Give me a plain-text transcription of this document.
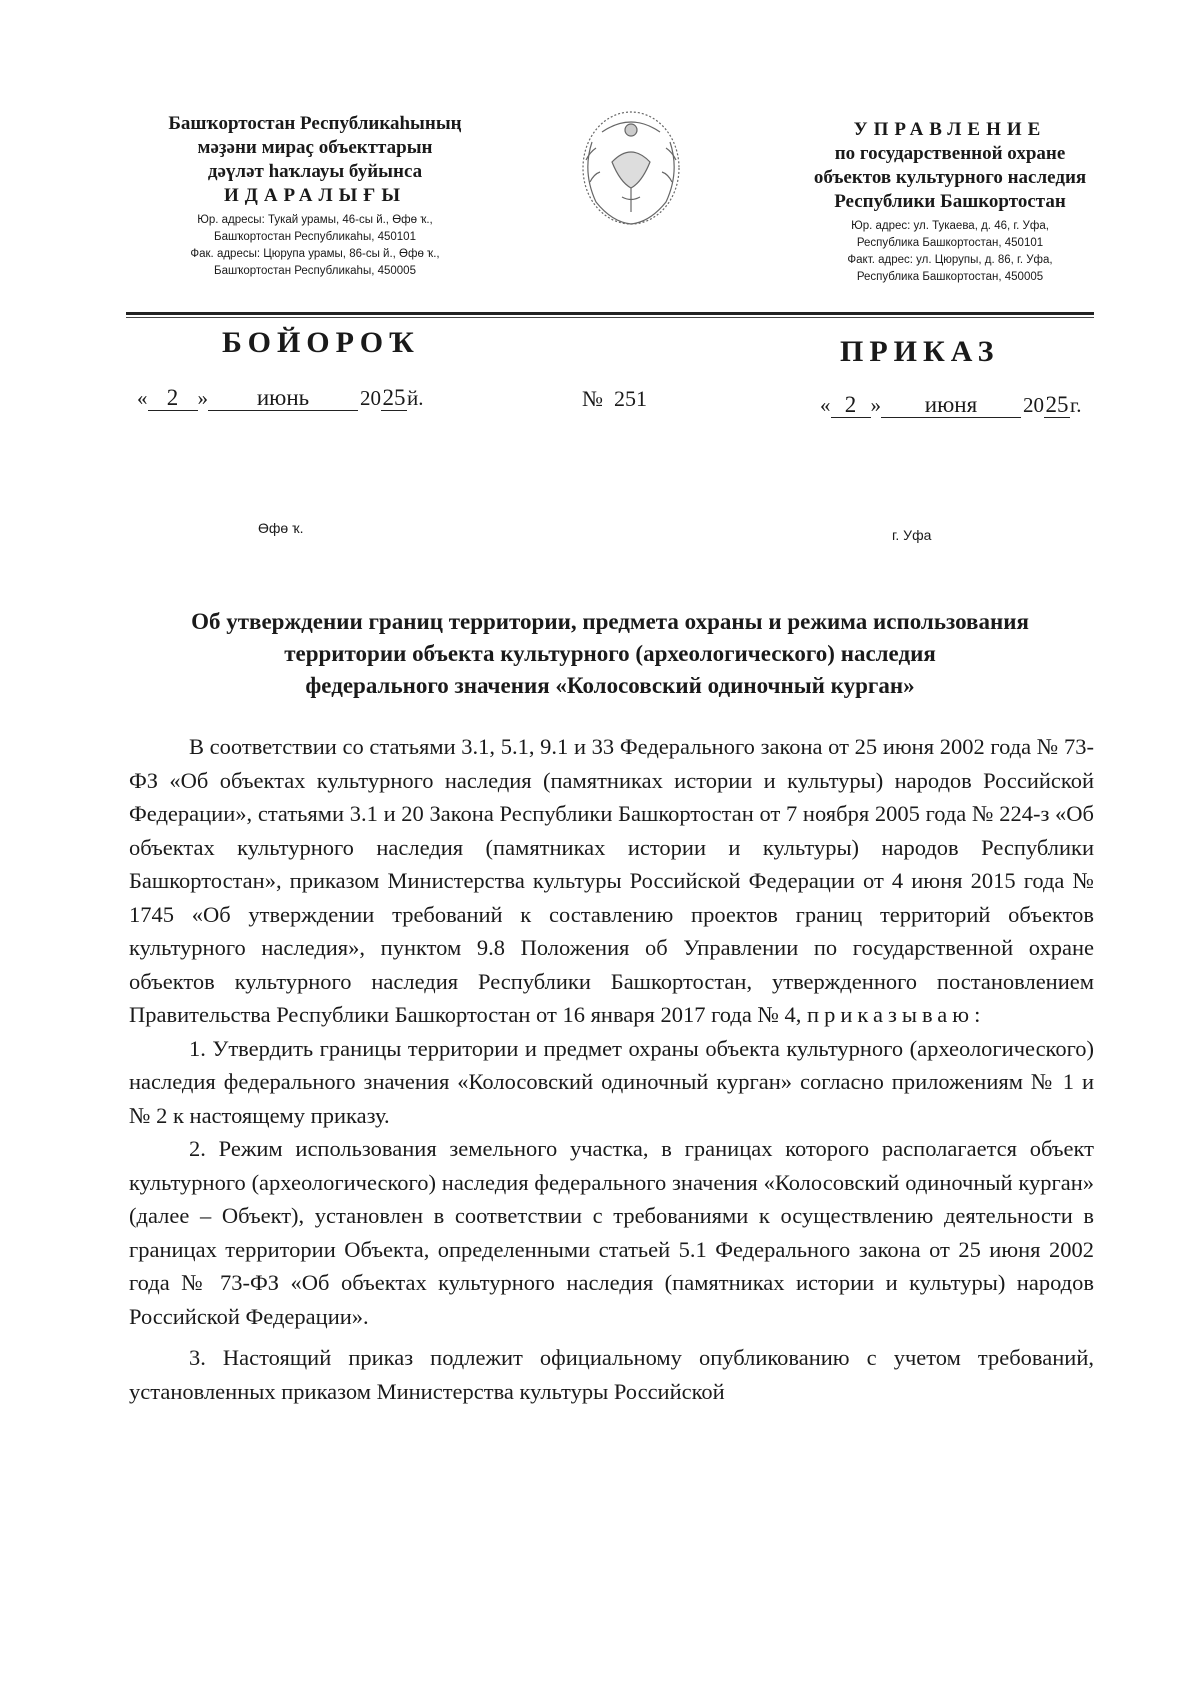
Башҡортостан Республикаһының
мәҙәни мираҫ объекттарын
дәүләт һаҡлауы буйынса
ИДАРАЛЫҒЫ
Юр. адресы: Тукай урамы, 46-сы й., Өфө ҡ.,
Башҡортостан Республикаһы, 450101
Фак. адресы: Цюрупа урамы, 86-сы й., Өфө ҡ.,
Башҡортостан Республикаһы, 450005
УПРАВЛЕНИЕ
по государственной охране
объектов культурного наследия
Республики Башкортостан
Юр. адрес: ул. Тукаева, д. 46, г. Уфа,
Республика Башкортостан, 450101
Факт. адрес: ул. Цюрупы, д. 86, г. Уфа,
Республика Башкортостан, 450005
БОЙОРОҠ	ПРИКАЗ
« 2 » июнь 2025й.	№ 251	« 2 » июня 2025г.
Өфө ҡ.	г. Уфа
Об утверждении границ территории, предмета охраны и режима использования
территории объекта культурного (археологического) наследия
федерального значения «Колосовский одиночный курган»

В соответствии со статьями 3.1, 5.1, 9.1 и 33 Федерального закона от 25 июня 2002 года № 73-ФЗ «Об объектах культурного наследия (памятниках истории и культуры) народов Российской Федерации», статьями 3.1 и 20 Закона Республики Башкортостан от 7 ноября 2005 года № 224-з «Об объектах культурного наследия (памятниках истории и культуры) народов Республики Башкортостан», приказом Министерства культуры Российской Федерации от 4 июня 2015 года № 1745 «Об утверждении требований к составлению проектов границ территорий объектов культурного наследия», пунктом 9.8 Положения об Управлении по государственной охране объектов культурного наследия Республики Башкортостан, утвержденного постановлением Правительства Республики Башкортостан от 16 января 2017 года № 4, приказываю:

1. Утвердить границы территории и предмет охраны объекта культурного (археологического) наследия федерального значения «Колосовский одиночный курган» согласно приложениям № 1 и № 2 к настоящему приказу.

2. Режим использования земельного участка, в границах которого располагается объект культурного (археологического) наследия федерального значения «Колосовский одиночный курган» (далее – Объект), установлен в соответствии с требованиями к осуществлению деятельности в границах территории Объекта, определенными статьей 5.1 Федерального закона от 25 июня 2002 года № 73-ФЗ «Об объектах культурного наследия (памятниках истории и культуры) народов Российской Федерации».

3. Настоящий приказ подлежит официальному опубликованию с учетом требований, установленных приказом Министерства культуры Российской
